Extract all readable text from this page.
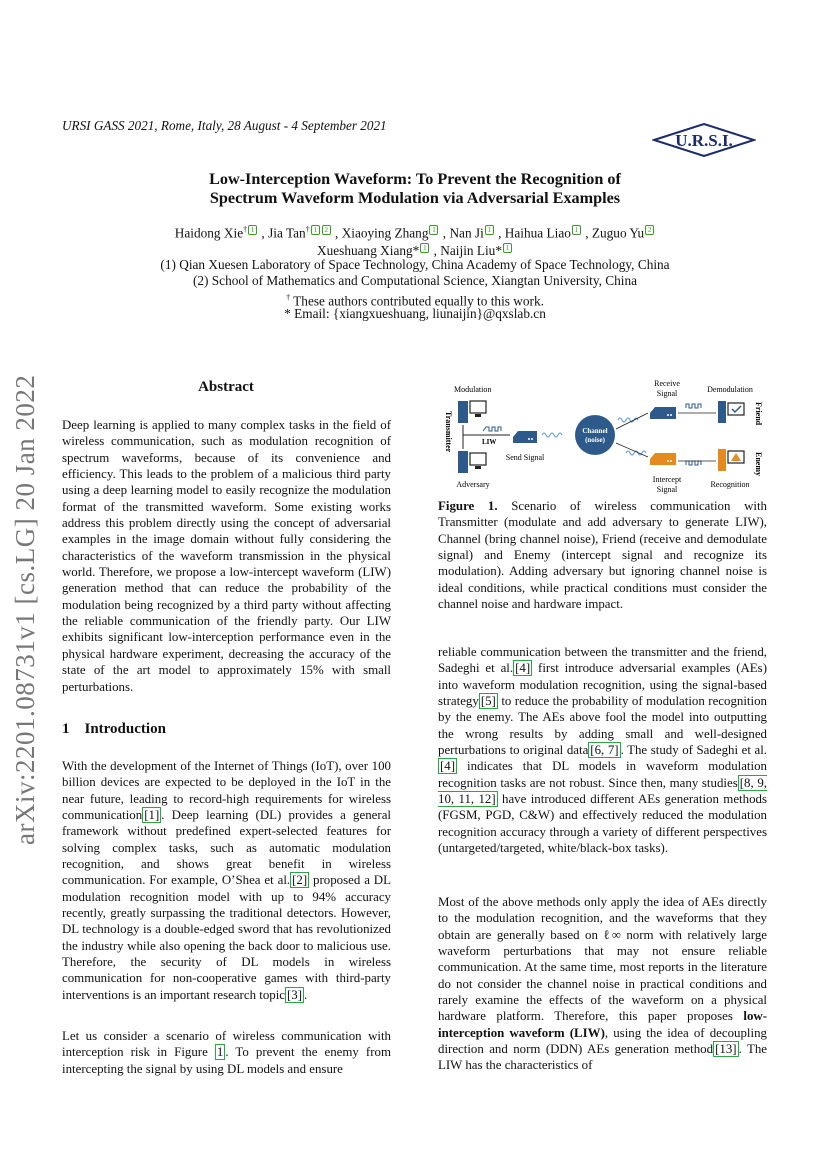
URSI GASS 2021, Rome, Italy, 28 August - 4 September 2021
U.R.S.I.
Low-Interception Waveform: To Prevent the Recognition of
Spectrum Waveform Modulation via Adversarial Examples
Haidong Xie† 1 , Jia Tan† 1 2 , Xiaoying Zhang 1 , Nan Ji 1 , Haihua Liao 1 , Zuguo Yu 2
Xueshuang Xiang* 1 , Naijin Liu* 1
(1) Qian Xuesen Laboratory of Space Technology, China Academy of Space Technology, China
(2) School of Mathematics and Computational Science, Xiangtan University, China
† These authors contributed equally to this work.
* Email: {xiangxueshuang, liunaijin}@qxslab.cn
arXiv:2201.08731v1 [cs.LG] 20 Jan 2022	Abstract
Deep learning is applied to many complex tasks in the field of wireless communication, such as modulation recognition of spectrum waveforms, because of its convenience and efficiency. This leads to the problem of a malicious third party using a deep learning model to easily recognize the modulation format of the transmitted waveform. Some existing works address this problem directly using the concept of adversarial examples in the image domain without fully considering the characteristics of the waveform transmission in the physical world. Therefore, we propose a low-intercept waveform (LIW) generation method that can reduce the probability of the modulation being recognized by a third party without affecting the reliable communication of the friendly party. Our LIW exhibits significant low-interception performance even in the physical hardware experiment, decreasing the accuracy of the state of the art model to approximately 15% with small perturbations.
1 Introduction
With the development of the Internet of Things (IoT), over 100 billion devices are expected to be deployed in the IoT in the near future, leading to record-high requirements for wireless communication [1] . Deep learning (DL) provides a general framework without predefined expert-selected features for solving complex tasks, such as automatic modulation recognition, and shows great benefit in wireless communication. For example, O’Shea et al. [2] proposed a DL modulation recognition model with up to 94% accuracy recently, greatly surpassing the traditional detectors. However, DL technology is a double-edged sword that has revolutionized the industry while also opening the back door to malicious use. Therefore, the security of DL models in wireless communication for non-cooperative games with third-party interventions is an important research topic [3] .
Let us consider a scenario of wireless communication with interception risk in Figure 1 . To prevent the enemy from intercepting the signal by using DL models and ensure
Modulation
Receive
Signal	Demodulation
Transmitter	Friend
Enemy
LIW
Adversary
Send Signal
Channel
(noise)
Intercept
Signal
Recognition
Figure 1. Scenario of wireless communication with Transmitter (modulate and add adversary to generate LIW), Channel (bring channel noise), Friend (receive and demodulate signal) and Enemy (intercept signal and recognize its modulation). Adding adversary but ignoring channel noise is ideal conditions, while practical conditions must consider the channel noise and hardware impact.
reliable communication between the transmitter and the friend, Sadeghi et al. [4] first introduce adversarial examples (AEs) into waveform modulation recognition, using the signal-based strategy [5] to reduce the probability of modulation recognition by the enemy. The AEs above fool the model into outputting the wrong results by adding small and well-designed perturbations to original data [6, 7] . The study of Sadeghi et al.[4] indicates that DL models in waveform modulation recognition tasks are not robust. Since then, many studies [8, 9, 10, 11, 12] have introduced different AEs generation methods (FGSM, PGD, C&W) and effectively reduced the modulation recognition accuracy through a variety of different perspectives (untargeted/targeted, white/black-box tasks).
Most of the above methods only apply the idea of AEs directly to the modulation recognition, and the waveforms that they obtain are generally based on ℓ∞ norm with relatively large waveform perturbations that may not ensure reliable communication. At the same time, most reports in the literature do not consider the channel noise in practical conditions and rarely examine the effects of the waveform on a physical hardware platform. Therefore, this paper proposes low-interception waveform (LIW), using the idea of decoupling direction and norm (DDN) AEs generation method [13] . The LIW has the characteristics of
